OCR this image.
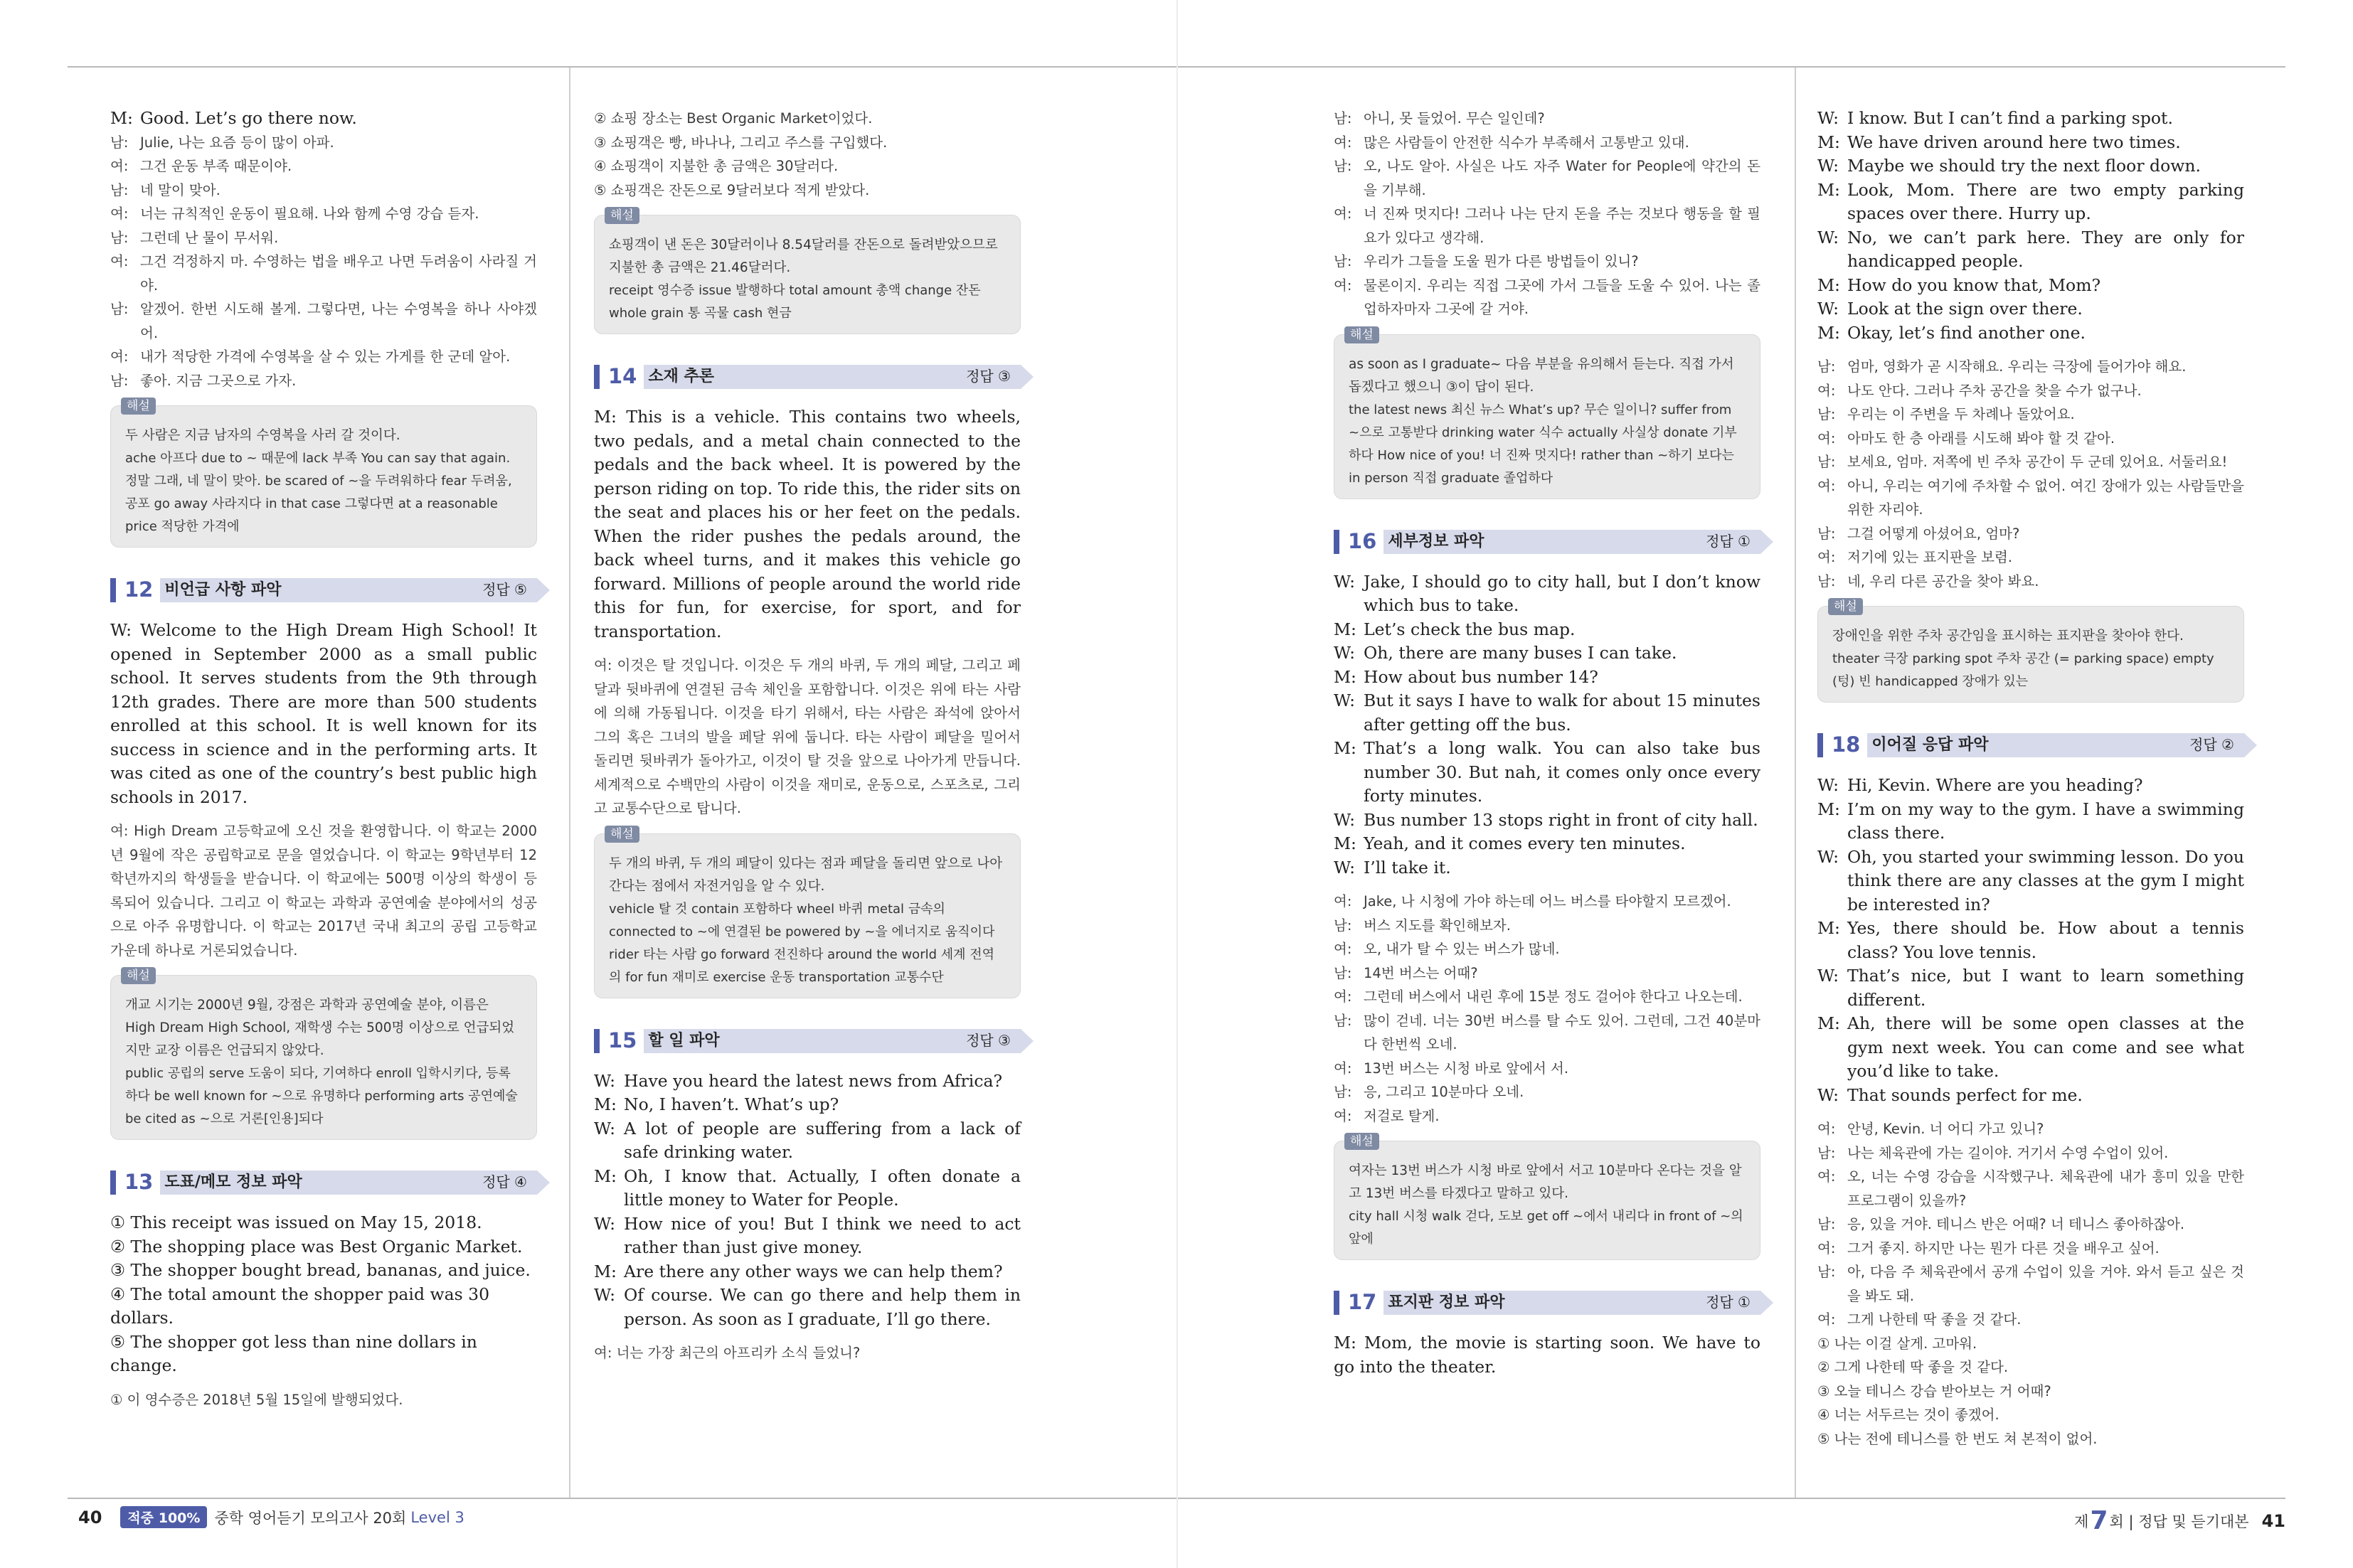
M: Good. Let’s go there now.
남: Julie, 나는 요즘 등이 많이 아파.
여: 그건 운동 부족 때문이야.
남: 네 말이 맞아.
여: 너는 규칙적인 운동이 필요해. 나와 함께 수영 강습 듣자.
남: 그런데 난 물이 무서워.
여: 그건 걱정하지 마. 수영하는 법을 배우고 나면 두려움이 사라질 거야.
남: 알겠어. 한번 시도해 볼게. 그렇다면, 나는 수영복을 하나 사야겠어.
여: 내가 적당한 가격에 수영복을 살 수 있는 가게를 한 군데 알아.
남: 좋아. 지금 그곳으로 가자.
해설
두 사람은 지금 남자의 수영복을 사러 갈 것이다.
ache 아프다 due to ~ 때문에 lack 부족 You can say that again. 정말 그래, 네 말이 맞아. be scared of ~을 두려워하다 fear 두려움, 공포 go away 사라지다 in that case 그렇다면 at a reasonable price 적당한 가격에
12 비언급 사항 파악	정답 ⑤
W: Welcome to the High Dream High School! It opened in September 2000 as a small public school. It serves students from the 9th through 12th grades. There are more than 500 students enrolled at this school. It is well known for its success in science and in the performing arts. It was cited as one of the country’s best public high schools in 2017.
여: High Dream 고등학교에 오신 것을 환영합니다. 이 학교는 2000년 9월에 작은 공립학교로 문을 열었습니다. 이 학교는 9학년부터 12학년까지의 학생들을 받습니다. 이 학교에는 500명 이상의 학생이 등록되어 있습니다. 그리고 이 학교는 과학과 공연예술 분야에서의 성공으로 아주 유명합니다. 이 학교는 2017년 국내 최고의 공립 고등학교 가운데 하나로 거론되었습니다.
해설
개교 시기는 2000년 9월, 강점은 과학과 공연예술 분야, 이름은 High Dream High School, 재학생 수는 500명 이상으로 언급되었지만 교장 이름은 언급되지 않았다.
public 공립의 serve 도움이 되다, 기여하다 enroll 입학시키다, 등록하다 be well known for ~으로 유명하다 performing arts 공연예술 be cited as ~으로 거론[인용]되다
13 도표/메모 정보 파악	정답 ④
① This receipt was issued on May 15, 2018.
② The shopping place was Best Organic Market.
③ The shopper bought bread, bananas, and juice.
④ The total amount the shopper paid was 30 dollars.
⑤ The shopper got less than nine dollars in change.
① 이 영수증은 2018년 5월 15일에 발행되었다.
② 쇼핑 장소는 Best Organic Market이었다.
③ 쇼핑객은 빵, 바나나, 그리고 주스를 구입했다.
④ 쇼핑객이 지불한 총 금액은 30달러다.
⑤ 쇼핑객은 잔돈으로 9달러보다 적게 받았다.
해설
쇼핑객이 낸 돈은 30달러이나 8.54달러를 잔돈으로 돌려받았으므로 지불한 총 금액은 21.46달러다.
receipt 영수증 issue 발행하다 total amount 총액 change 잔돈 whole grain 통 곡물 cash 현금
14 소재 추론	정답 ③
M: This is a vehicle. This contains two wheels, two pedals, and a metal chain connected to the pedals and the back wheel. It is powered by the person riding on top. To ride this, the rider sits on the seat and places his or her feet on the pedals. When the rider pushes the pedals around, the back wheel turns, and it makes this vehicle go forward. Millions of people around the world ride this for fun, for exercise, for sport, and for transportation.
여: 이것은 탈 것입니다. 이것은 두 개의 바퀴, 두 개의 페달, 그리고 페달과 뒷바퀴에 연결된 금속 체인을 포함합니다. 이것은 위에 타는 사람에 의해 가동됩니다. 이것을 타기 위해서, 타는 사람은 좌석에 앉아서 그의 혹은 그녀의 발을 페달 위에 둡니다. 타는 사람이 페달을 밀어서 돌리면 뒷바퀴가 돌아가고, 이것이 탈 것을 앞으로 나아가게 만듭니다. 세계적으로 수백만의 사람이 이것을 재미로, 운동으로, 스포츠로, 그리고 교통수단으로 탑니다.
해설
두 개의 바퀴, 두 개의 페달이 있다는 점과 페달을 돌리면 앞으로 나아간다는 점에서 자전거임을 알 수 있다.
vehicle 탈 것 contain 포함하다 wheel 바퀴 metal 금속의 connected to ~에 연결된 be powered by ~을 에너지로 움직이다 rider 타는 사람 go forward 전진하다 around the world 세계 전역의 for fun 재미로 exercise 운동 transportation 교통수단
15 할 일 파악	정답 ③
W: Have you heard the latest news from Africa?
M: No, I haven’t. What’s up?
W: A lot of people are suffering from a lack of safe drinking water.
M: Oh, I know that. Actually, I often donate a little money to Water for People.
W: How nice of you! But I think we need to act rather than just give money.
M: Are there any other ways we can help them?
W: Of course. We can go there and help them in person. As soon as I graduate, I’ll go there.
여: 너는 가장 최근의 아프리카 소식 들었니?
남: 아니, 못 들었어. 무슨 일인데?
여: 많은 사람들이 안전한 식수가 부족해서 고통받고 있대.
남: 오, 나도 알아. 사실은 나도 자주 Water for People에 약간의 돈을 기부해.
여: 너 진짜 멋지다! 그러나 나는 단지 돈을 주는 것보다 행동을 할 필요가 있다고 생각해.
남: 우리가 그들을 도울 뭔가 다른 방법들이 있니?
여: 물론이지. 우리는 직접 그곳에 가서 그들을 도울 수 있어. 나는 졸업하자마자 그곳에 갈 거야.
해설
as soon as I graduate~ 다음 부분을 유의해서 듣는다. 직접 가서 돕겠다고 했으니 ③이 답이 된다.
the latest news 최신 뉴스 What’s up? 무슨 일이니? suffer from ~으로 고통받다 drinking water 식수 actually 사실상 donate 기부하다 How nice of you! 너 진짜 멋지다! rather than ~하기 보다는 in person 직접 graduate 졸업하다
16 세부정보 파악	정답 ①
W: Jake, I should go to city hall, but I don’t know which bus to take.
M: Let’s check the bus map.
W: Oh, there are many buses I can take.
M: How about bus number 14?
W: But it says I have to walk for about 15 minutes after getting off the bus.
M: That’s a long walk. You can also take bus number 30. But nah, it comes only once every forty minutes.
W: Bus number 13 stops right in front of city hall.
M: Yeah, and it comes every ten minutes.
W: I’ll take it.
여: Jake, 나 시청에 가야 하는데 어느 버스를 타야할지 모르겠어.
남: 버스 지도를 확인해보자.
여: 오, 내가 탈 수 있는 버스가 많네.
남: 14번 버스는 어때?
여: 그런데 버스에서 내린 후에 15분 정도 걸어야 한다고 나오는데.
남: 많이 걷네. 너는 30번 버스를 탈 수도 있어. 그런데, 그건 40분마다 한번씩 오네.
여: 13번 버스는 시청 바로 앞에서 서.
남: 응, 그리고 10분마다 오네.
여: 저걸로 탈게.
해설
여자는 13번 버스가 시청 바로 앞에서 서고 10분마다 온다는 것을 알고 13번 버스를 타겠다고 말하고 있다.
city hall 시청 walk 걷다, 도보 get off ~에서 내리다 in front of ~의 앞에
17 표지판 정보 파악	정답 ①
M: Mom, the movie is starting soon. We have to go into the theater.
W: I know. But I can’t find a parking spot.
M: We have driven around here two times.
W: Maybe we should try the next floor down.
M: Look, Mom. There are two empty parking spaces over there. Hurry up.
W: No, we can’t park here. They are only for handicapped people.
M: How do you know that, Mom?
W: Look at the sign over there.
M: Okay, let’s find another one.
남: 엄마, 영화가 곧 시작해요. 우리는 극장에 들어가야 해요.
여: 나도 안다. 그러나 주차 공간을 찾을 수가 없구나.
남: 우리는 이 주변을 두 차례나 돌았어요.
여: 아마도 한 층 아래를 시도해 봐야 할 것 같아.
남: 보세요, 엄마. 저쪽에 빈 주차 공간이 두 군데 있어요. 서둘러요!
여: 아니, 우리는 여기에 주차할 수 없어. 여긴 장애가 있는 사람들만을 위한 자리야.
남: 그걸 어떻게 아셨어요, 엄마?
여: 저기에 있는 표지판을 보렴.
남: 네, 우리 다른 공간을 찾아 봐요.
해설
장애인을 위한 주차 공간임을 표시하는 표지판을 찾아야 한다.
theater 극장 parking spot 주차 공간 (= parking space) empty (텅) 빈 handicapped 장애가 있는
18 이어질 응답 파악	정답 ②
W: Hi, Kevin. Where are you heading?
M: I’m on my way to the gym. I have a swimming class there.
W: Oh, you started your swimming lesson. Do you think there are any classes at the gym I might be interested in?
M: Yes, there should be. How about a tennis class? You love tennis.
W: That’s nice, but I want to learn something different.
M: Ah, there will be some open classes at the gym next week. You can come and see what you’d like to take.
W: That sounds perfect for me.
여: 안녕, Kevin. 너 어디 가고 있니?
남: 나는 체육관에 가는 길이야. 거기서 수영 수업이 있어.
여: 오, 너는 수영 강습을 시작했구나. 체육관에 내가 흥미 있을 만한 프로그램이 있을까?
남: 응, 있을 거야. 테니스 반은 어때? 너 테니스 좋아하잖아.
여: 그거 좋지. 하지만 나는 뭔가 다른 것을 배우고 싶어.
남: 아, 다음 주 체육관에서 공개 수업이 있을 거야. 와서 듣고 싶은 것을 봐도 돼.
여: 그게 나한테 딱 좋을 것 같다.
① 나는 이걸 살게. 고마워.
② 그게 나한테 딱 좋을 것 같다.
③ 오늘 테니스 강습 받아보는 거 어때?
④ 너는 서두르는 것이 좋겠어.
⑤ 나는 전에 테니스를 한 번도 쳐 본적이 없어.
40	적중 100% 중학 영어듣기 모의고사 20회 Level 3	제 7 회 | 정답 및 듣기대본 41
